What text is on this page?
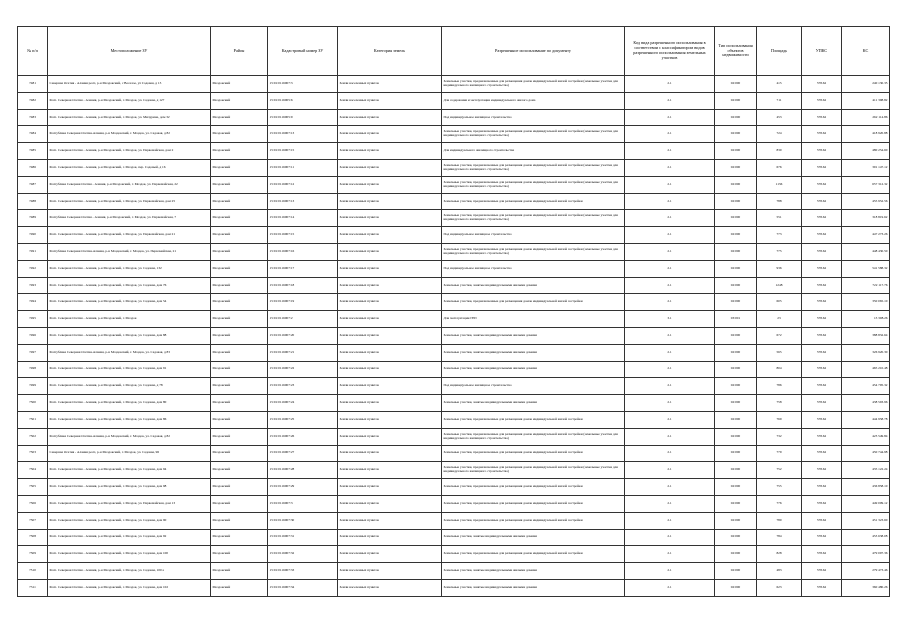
№ п/п	Местоположение ЗУ	Район	Кадастровый номер ЗУ	Категория земель	Разрешенное использование по документу	Код вида разрешенного использования в соответствии с классификатором видов разрешенного использования земельных участков	Тип использования объектов недвижимости	Площадь	УПКС	КС
7481	Северная Осетия - Алания респ, р-н Моздокский, с Веселое, ул Садовая, д 13	Моздокский	15:01:0116007:3	Земли населенных пунктов	Земельные участки, предназначенные для размещения домов индивидуальной жилой застройки (земельные участки для индивидуального жилищного строительства)	2.1	02:000	415	578.62	240 130.35
7482	Респ. Северная Осетия - Алания, р-н Моздокский, г. Моздок, ул. Садовая, д 127	Моздокский	15:01:0116005:6	Земли населенных пунктов	Для содержания и эксплуатации индивидуального жилого дома	2.1	02:000	711	578.62	411 398.82
7483	Респ. Северная Осетия - Алания, р-н Моздокский, г. Моздок, ул. Мичурина, дом 32	Моздокский	15:01:0116005:9	Земли населенных пунктов	Под индивидуальное жилищное строительство	2.1	02:000	453	578.62	262 114.86
7484	Республика Северная Осетия-Алания, р-н Моздокский, г. Моздок, ул. Садовая, д 82	Моздокский	15:01:0116007:13	Земли населенных пунктов	Земельные участки, предназначенные для размещения домов индивидуальной жилой застройки (земельные участки для индивидуального жилищного строительства)	2.1	02:000	724	578.62	418 920.88
7485	Респ. Северная Осетия - Алания, р-н Моздокский, г. Моздок, ул. Первомайская, дом 2	Моздокский	15:01:0116007:15	Земли населенных пунктов	Для индивидуального жилищного строительства	2.1	02:000	830	578.62	480 254.60
7486	Респ. Северная Осетия - Алания, р-н Моздокский, г. Моздок, пер. Садовый, д 16	Моздокский	15:01:0116007:11	Земли населенных пунктов	Земельные участки, предназначенные для размещения домов индивидуальной жилой застройки (земельные участки для индивидуального жилищного строительства)	2.1	02:000	676	578.62	391 147.12
7487	Республика Северная Осетия - Алания, р-н Моздокский, г. Моздок, ул. Первомайская, 22	Моздокский	15:01:0116007:12	Земли населенных пунктов	Земельные участки, предназначенные для размещения домов индивидуальной жилой застройки (земельные участки для индивидуального жилищного строительства)	2.1	02:000	1136	578.62	657 312.32
7488	Респ. Северная Осетия - Алания, р-н Моздокский, г. Моздок, ул. Первомайская, дом 25	Моздокский	15:01:0116007:13	Земли населенных пунктов	Земельные участки, предназначенные для размещения домов индивидуальной жилой застройки	2.1	02:000	788	578.62	455 952.56
7489	Республика Северная Осетия - Алания, р-н Моздокский, г. Моздок, ул. Первомайская, 7	Моздокский	15:01:0116007:14	Земли населенных пунктов	Земельные участки, предназначенные для размещения домов индивидуальной жилой застройки (земельные участки для индивидуального жилищного строительства)	2.1	02:000	551	578.62	318 819.62
7490	Респ. Северная Осетия - Алания, р-н Моздокский, г. Моздок, ул. Первомайская, дом 21	Моздокский	15:01:0116007:15	Земли населенных пунктов	Под индивидуальное жилищное строительство	2.1	02:000	773	578.62	447 273.26
7491	Республика Северная Осетия-Алания, р-н Моздокский, г. Моздок, ул. Первомайская, 21	Моздокский	15:01:0116007:16	Земли населенных пунктов	Земельные участки, предназначенные для размещения домов индивидуальной жилой застройки (земельные участки для индивидуального жилищного строительства)	2.1	02:000	775	578.62	448 430.50
7492	Респ. Северная Осетия - Алания, р-н Моздокский, г. Моздок, ул. Садовая, 132	Моздокский	15:01:0116007:17	Земли населенных пунктов	Под индивидуальное жилищное строительство	2.1	02:000	936	578.62	541 588.32
7493	Респ. Северная Осетия - Алания, р-н Моздокский, г. Моздок, ул. Садовая, дом 76	Моздокский	15:01:0116007:18	Земли населенных пунктов	Земельные участки, занятые индивидуальными жилыми домами	2.1	02:000	1248	578.62	722 117.76
7494	Респ. Северная Осетия - Алания, р-н Моздокский, г. Моздок, ул. Садовая, дом 54	Моздокский	15:01:0116007:19	Земли населенных пунктов	Земельные участки, предназначенные для размещения домов индивидуальной жилой застройки	2.1	02:000	605	578.62	350 065.10
7495	Респ. Северная Осетия - Алания, р-н Моздокский, г. Моздок	Моздокский	15:01:0116007:2	Земли населенных пунктов	Для эксплуатации ГРП	3.1	03:001	23	578.62	13 308.26
7496	Респ. Северная Осетия - Алания, р-н Моздокский, г. Моздок, ул. Садовая, дом 88	Моздокский	15:01:0116007:20	Земли населенных пунктов	Земельные участки, занятые индивидуальными жилыми домами	2.1	02:000	672	578.62	388 832.64
7497	Республика Северная Осетия-Алания, р-н Моздокский, г. Моздок, ул. Садовая, д 83	Моздокский	15:01:0116007:21	Земли населенных пунктов	Земельные участки, занятые индивидуальными жилыми домами	2.1	02:000	565	578.62	326 920.30
7498	Респ. Северная Осетия - Алания, р-н Моздокский, г. Моздок, ул. Садовая, дом 91	Моздокский	15:01:0116007:22	Земли населенных пунктов	Земельные участки, занятые индивидуальными жилыми домами	2.1	02:000	804	578.62	465 210.48
7499	Респ. Северная Осетия - Алания, р-н Моздокский, г. Моздок, ул. Садовая, д 78	Моздокский	15:01:0116007:23	Земли населенных пунктов	Под индивидуальное жилищное строительство	2.1	02:000	786	578.62	454 795.32
7500	Респ. Северная Осетия - Алания, р-н Моздокский, г. Моздок, ул. Садовая, дом 80	Моздокский	15:01:0116007:24	Земли населенных пунктов	Земельные участки, занятые индивидуальными жилыми домами	2.1	02:000	758	578.62	438 593.96
7501	Респ. Северная Осетия - Алания, р-н Моздокский, г. Моздок, ул. Садовая, дом 86	Моздокский	15:01:0116007:25	Земли населенных пунктов	Земельные участки, предназначенные для размещения домов индивидуальной жилой застройки	2.1	02:000	769	578.62	444 958.78
7502	Республика Северная Осетия-Алания, р-н Моздокский, г. Моздок, ул. Садовая, д 82	Моздокский	15:01:0116007:26	Земли населенных пунктов	Земельные участки, предназначенные для размещения домов индивидуальной жилой застройки (земельные участки для индивидуального жилищного строительства)	2.1	02:000	732	578.62	423 549.84
7503	Северная Осетия - Алания респ, р-н Моздокский, г. Моздок, ул. Садовая, 96	Моздокский	15:01:0116007:27	Земли населенных пунктов	Земельные участки, предназначенные для размещения домов индивидуальной жилой застройки	2.1	02:000	779	578.62	450 744.98
7504	Респ. Северная Осетия - Алания, р-н Моздокский, г. Моздок, ул. Садовая, дом 94	Моздокский	15:01:0116007:28	Земли населенных пунктов	Земельные участки, предназначенные для размещения домов индивидуальной жилой застройки (земельные участки для индивидуального жилищного строительства)	2.1	02:000	752	578.62	435 122.24
7505	Респ. Северная Осетия - Алания, р-н Моздокский, г. Моздок, ул. Садовая, дом 98	Моздокский	15:01:0116007:29	Земли населенных пунктов	Земельные участки, предназначенные для размещения домов индивидуальной жилой застройки	2.1	02:000	755	578.62	436 858.10
7506	Респ. Северная Осетия - Алания, р-н Моздокский, г. Моздок, ул. Первомайская, дом 13	Моздокский	15:01:0116007:3	Земли населенных пунктов	Земельные участки, предназначенные для размещения домов индивидуальной жилой застройки	2.1	02:000	776	578.62	449 009.12
7507	Респ. Северная Осетия - Алания, р-н Моздокский, г. Моздок, ул. Садовая, дом 90	Моздокский	15:01:0116007:30	Земли населенных пунктов	Земельные участки, предназначенные для размещения домов индивидуальной жилой застройки	2.1	02:000	780	578.62	451 323.60
7508	Респ. Северная Осетия - Алания, р-н Моздокский, г. Моздок, ул. Садовая, дом 92	Моздокский	15:01:0116007:31	Земли населенных пунктов	Земельные участки, занятые индивидуальными жилыми домами	2.1	02:000	784	578.62	453 638.08
7509	Респ. Северная Осетия - Алания, р-н Моздокский, г. Моздок, ул. Садовая, дом 100	Моздокский	15:01:0116007:32	Земли населенных пунктов	Земельные участки, предназначенные для размещения домов индивидуальной жилой застройки	2.1	02:000	828	578.62	479 097.36
7510	Респ. Северная Осетия - Алания, р-н Моздокский, г. Моздок, ул. Садовая, 100 а	Моздокский	15:01:0116007:33	Земли населенных пунктов	Земельные участки, занятые индивидуальными жилыми домами	2.1	02:000	483	578.62	279 473.46
7511	Респ. Северная Осетия - Алания, р-н Моздокский, г. Моздок, ул. Садовая, дом 102	Моздокский	15:01:0116007:34	Земли населенных пунктов	Земельные участки, занятые индивидуальными жилыми домами	2.1	02:000	623	578.62	360 480.26
